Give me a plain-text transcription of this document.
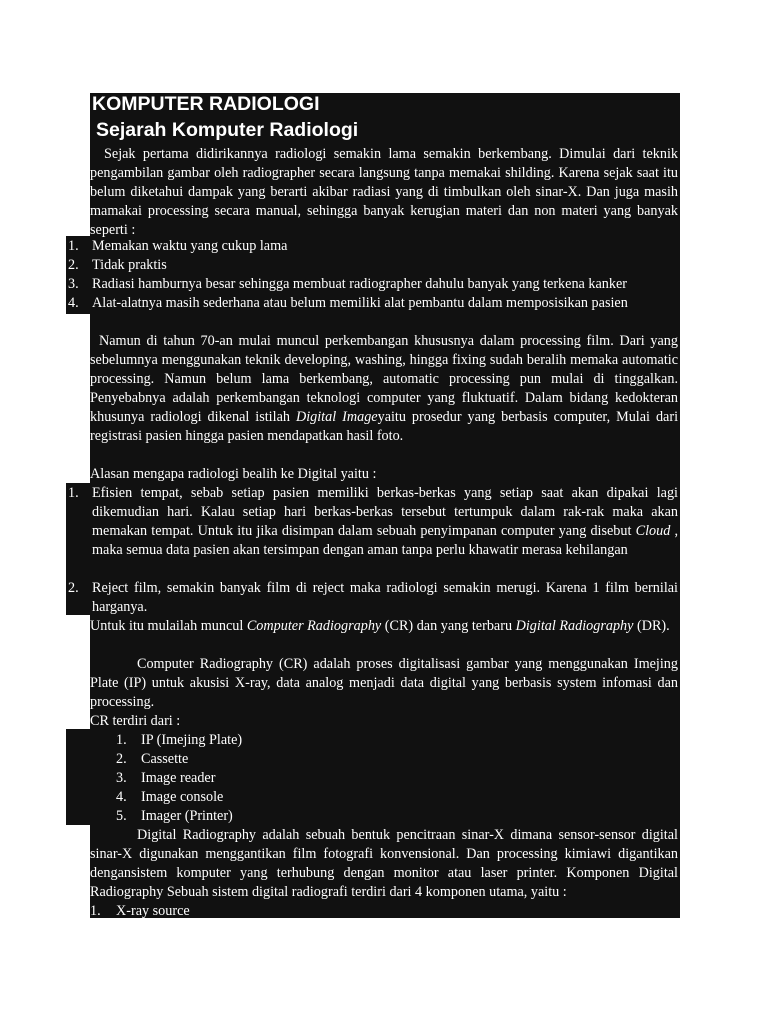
KOMPUTER RADIOLOGI
Sejarah Komputer Radiologi
Sejak pertama didirikannya radiologi semakin lama semakin berkembang. Dimulai dari teknik pengambilan gambar oleh radiographer secara langsung tanpa memakai shilding. Karena sejak saat itu belum diketahui dampak yang berarti akibar radiasi yang di timbulkan oleh sinar-X. Dan juga masih mamakai processing secara manual, sehingga banyak kerugian materi dan non materi yang banyak seperti :
1. Memakan waktu yang cukup lama
2. Tidak praktis
3. Radiasi hamburnya besar sehingga membuat radiographer dahulu banyak yang terkena kanker
4. Alat-alatnya masih sederhana atau belum memiliki alat pembantu dalam memposisikan pasien
Namun di tahun 70-an mulai muncul perkembangan khususnya dalam processing film. Dari yang sebelumnya menggunakan teknik developing, washing, hingga fixing sudah beralih memaka automatic processing. Namun belum lama berkembang, automatic processing pun mulai di tinggalkan. Penyebabnya adalah perkembangan teknologi computer yang fluktuatif. Dalam bidang kedokteran khusunya radiologi dikenal istilah Digital Imageyaitu prosedur yang berbasis computer, Mulai dari registrasi pasien hingga pasien mendapatkan hasil foto.
Alasan mengapa radiologi bealih ke Digital yaitu :
1. Efisien tempat, sebab setiap pasien memiliki berkas-berkas yang setiap saat akan dipakai lagi dikemudian hari. Kalau setiap hari berkas-berkas tersebut tertumpuk dalam rak-rak maka akan memakan tempat. Untuk itu jika disimpan dalam sebuah penyimpanan computer yang disebut Cloud , maka semua data pasien akan tersimpan dengan aman tanpa perlu khawatir merasa kehilangan
2. Reject film, semakin banyak film di reject maka radiologi semakin merugi. Karena 1 film bernilai harganya.
Untuk itu mulailah muncul Computer Radiography (CR) dan yang terbaru Digital Radiography (DR).
Computer Radiography (CR) adalah proses digitalisasi gambar yang menggunakan Imejing Plate (IP) untuk akusisi X-ray, data analog menjadi data digital yang berbasis system infomasi dan processing.
CR terdiri dari :
1. IP (Imejing Plate)
2. Cassette
3. Image reader
4. Image console
5. Imager (Printer)
Digital Radiography adalah sebuah bentuk pencitraan sinar-X dimana sensor-sensor digital sinar-X digunakan menggantikan film fotografi konvensional. Dan processing kimiawi digantikan dengansistem komputer yang terhubung dengan monitor atau laser printer. Komponen Digital Radiography Sebuah sistem digital radiografi terdiri dari 4 komponen utama, yaitu :
1. X-ray source
